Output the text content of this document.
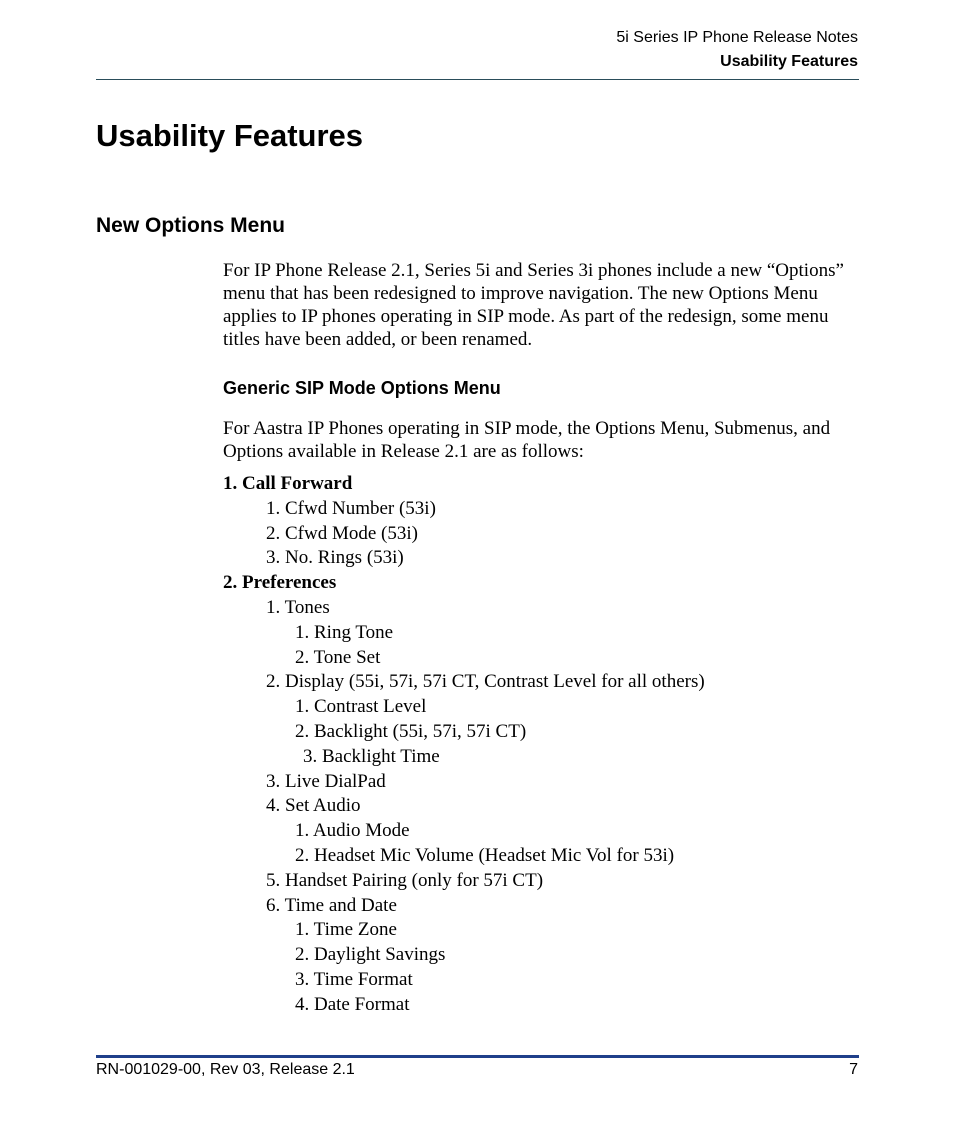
5i Series IP Phone Release Notes
Usability Features
Usability Features
New Options Menu

For IP Phone Release 2.1, Series 5i and Series 3i phones include a new “Options” menu that has been redesigned to improve navigation. The new Options Menu applies to IP phones operating in SIP mode. As part of the redesign, some menu titles have been added, or been renamed.

Generic SIP Mode Options Menu

For Aastra IP Phones operating in SIP mode, the Options Menu, Submenus, and Options available in Release 2.1 are as follows:

1. Call Forward
1. Cfwd Number (53i)
2. Cfwd Mode (53i)
3. No. Rings (53i)
2. Preferences
1. Tones
1. Ring Tone
2. Tone Set
2. Display (55i, 57i, 57i CT, Contrast Level for all others)
1. Contrast Level
2. Backlight (55i, 57i, 57i CT)
3. Backlight Time
3. Live DialPad
4. Set Audio
1. Audio Mode
2. Headset Mic Volume (Headset Mic Vol for 53i)
5. Handset Pairing (only for 57i CT)
6. Time and Date
1. Time Zone
2. Daylight Savings
3. Time Format
4. Date Format
RN-001029-00, Rev 03, Release 2.1	7
